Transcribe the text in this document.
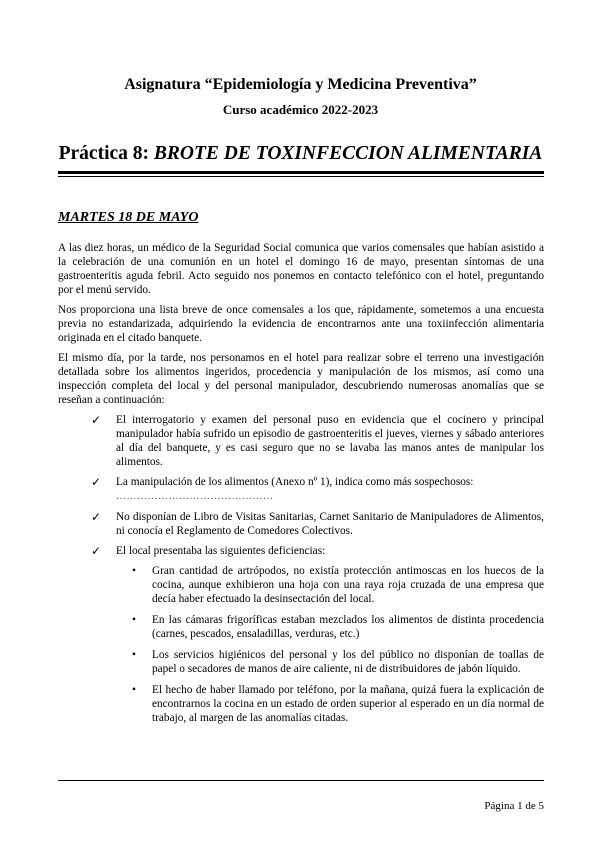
Asignatura “Epidemiología y Medicina Preventiva”
Curso académico 2022-2023
Práctica 8: BROTE DE TOXINFECCION ALIMENTARIA
MARTES 18 DE MAYO

A las diez horas, un médico de la Seguridad Social comunica que varios comensales que habían asistido a la celebración de una comunión en un hotel el domingo 16 de mayo, presentan síntomas de una gastroenteritis aguda febril. Acto seguido nos ponemos en contacto telefónico con el hotel, preguntando por el menú servido.

Nos proporciona una lista breve de once comensales a los que, rápidamente, sometemos a una encuesta previa no estandarizada, adquiriendo la evidencia de encontrarnos ante una toxiinfección alimentaria originada en el citado banquete.

El mismo día, por la tarde, nos personamos en el hotel para realizar sobre el terreno una investigación detallada sobre los alimentos ingeridos, procedencia y manipulación de los mismos, así como una inspección completa del local y del personal manipulador, descubriendo numerosas anomalías que se reseñan a continuación:

✓ El interrogatorio y examen del personal puso en evidencia que el cocinero y principal manipulador había sufrido un episodio de gastroenteritis el jueves, viernes y sábado anteriores al día del banquete, y es casi seguro que no se lavaba las manos antes de manipular los alimentos.
✓ La manipulación de los alimentos (Anexo nº 1), indica como más sospechosos:
………………………………………
✓ No disponían de Libro de Visitas Sanitarias, Carnet Sanitario de Manipuladores de Alimentos, ni conocía el Reglamento de Comedores Colectivos.
✓ El local presentaba las siguientes deficiencias:
• Gran cantidad de artrópodos, no existía protección antimoscas en los huecos de la cocina, aunque exhibieron una hoja con una raya roja cruzada de una empresa que decía haber efectuado la desinsectación del local.
• En las cámaras frigoríficas estaban mezclados los alimentos de distinta procedencia (carnes, pescados, ensaladillas, verduras, etc.)
• Los servicios higiénicos del personal y los del público no disponían de toallas de papel o secadores de manos de aire caliente, ni de distribuidores de jabón líquido.
• El hecho de haber llamado por teléfono, por la mañana, quizá fuera la explicación de encontrarnos la cocina en un estado de orden superior al esperado en un día normal de trabajo, al margen de las anomalías citadas.
Página 1 de 5
